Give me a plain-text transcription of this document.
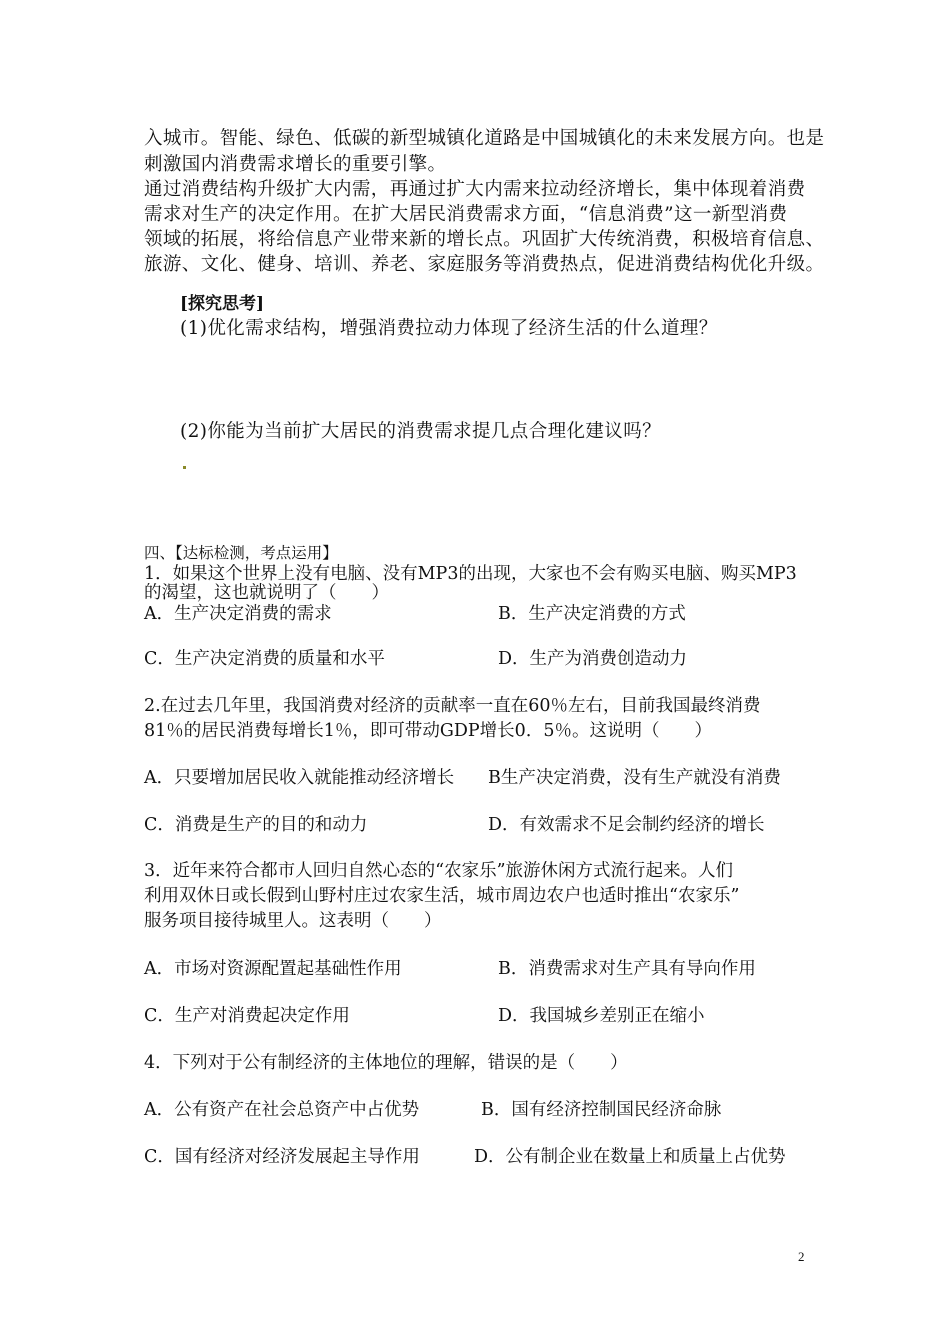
入城市。智能、绿色、低碳的新型城镇化道路是中国城镇化的未来发展方向。也是
刺激国内消费需求增长的重要引擎。
通过消费结构升级扩大内需，再通过扩大内需来拉动经济增长，集中体现着消费
需求对生产的决定作用。在扩大居民消费需求方面，“信息消费”这一新型消费
领域的拓展，将给信息产业带来新的增长点。巩固扩大传统消费，积极培育信息、
旅游、文化、健身、培训、养老、家庭服务等消费热点，促进消费结构优化升级。
[探究思考]
(1)优化需求结构，增强消费拉动力体现了经济生活的什么道理？
(2)你能为当前扩大居民的消费需求提几点合理化建议吗？
四、【达标检测，考点运用】
1．如果这个世界上没有电脑、没有MP3的出现，大家也不会有购买电脑、购买MP3
的渴望，这也就说明了（　　）
A．生产决定消费的需求	B．生产决定消费的方式
C．生产决定消费的质量和水平	D．生产为消费创造动力
2.在过去几年里，我国消费对经济的贡献率一直在60％左右，目前我国最终消费
81％的居民消费每增长1％，即可带动GDP增长0．5％。这说明（　　）
A．只要增加居民收入就能推动经济增长 B生产决定消费，没有生产就没有消费
C．消费是生产的目的和动力	D．有效需求不足会制约经济的增长
3．近年来符合都市人回归自然心态的“农家乐”旅游休闲方式流行起来。人们
利用双休日或长假到山野村庄过农家生活，城市周边农户也适时推出“农家乐”
服务项目接待城里人。这表明（　　）
A．市场对资源配置起基础性作用	B．消费需求对生产具有导向作用
C．生产对消费起决定作用	D．我国城乡差别正在缩小
4．下列对于公有制经济的主体地位的理解，错误的是（　　）
A．公有资产在社会总资产中占优势	B．国有经济控制国民经济命脉
C．国有经济对经济发展起主导作用	D．公有制企业在数量上和质量上占优势
2
